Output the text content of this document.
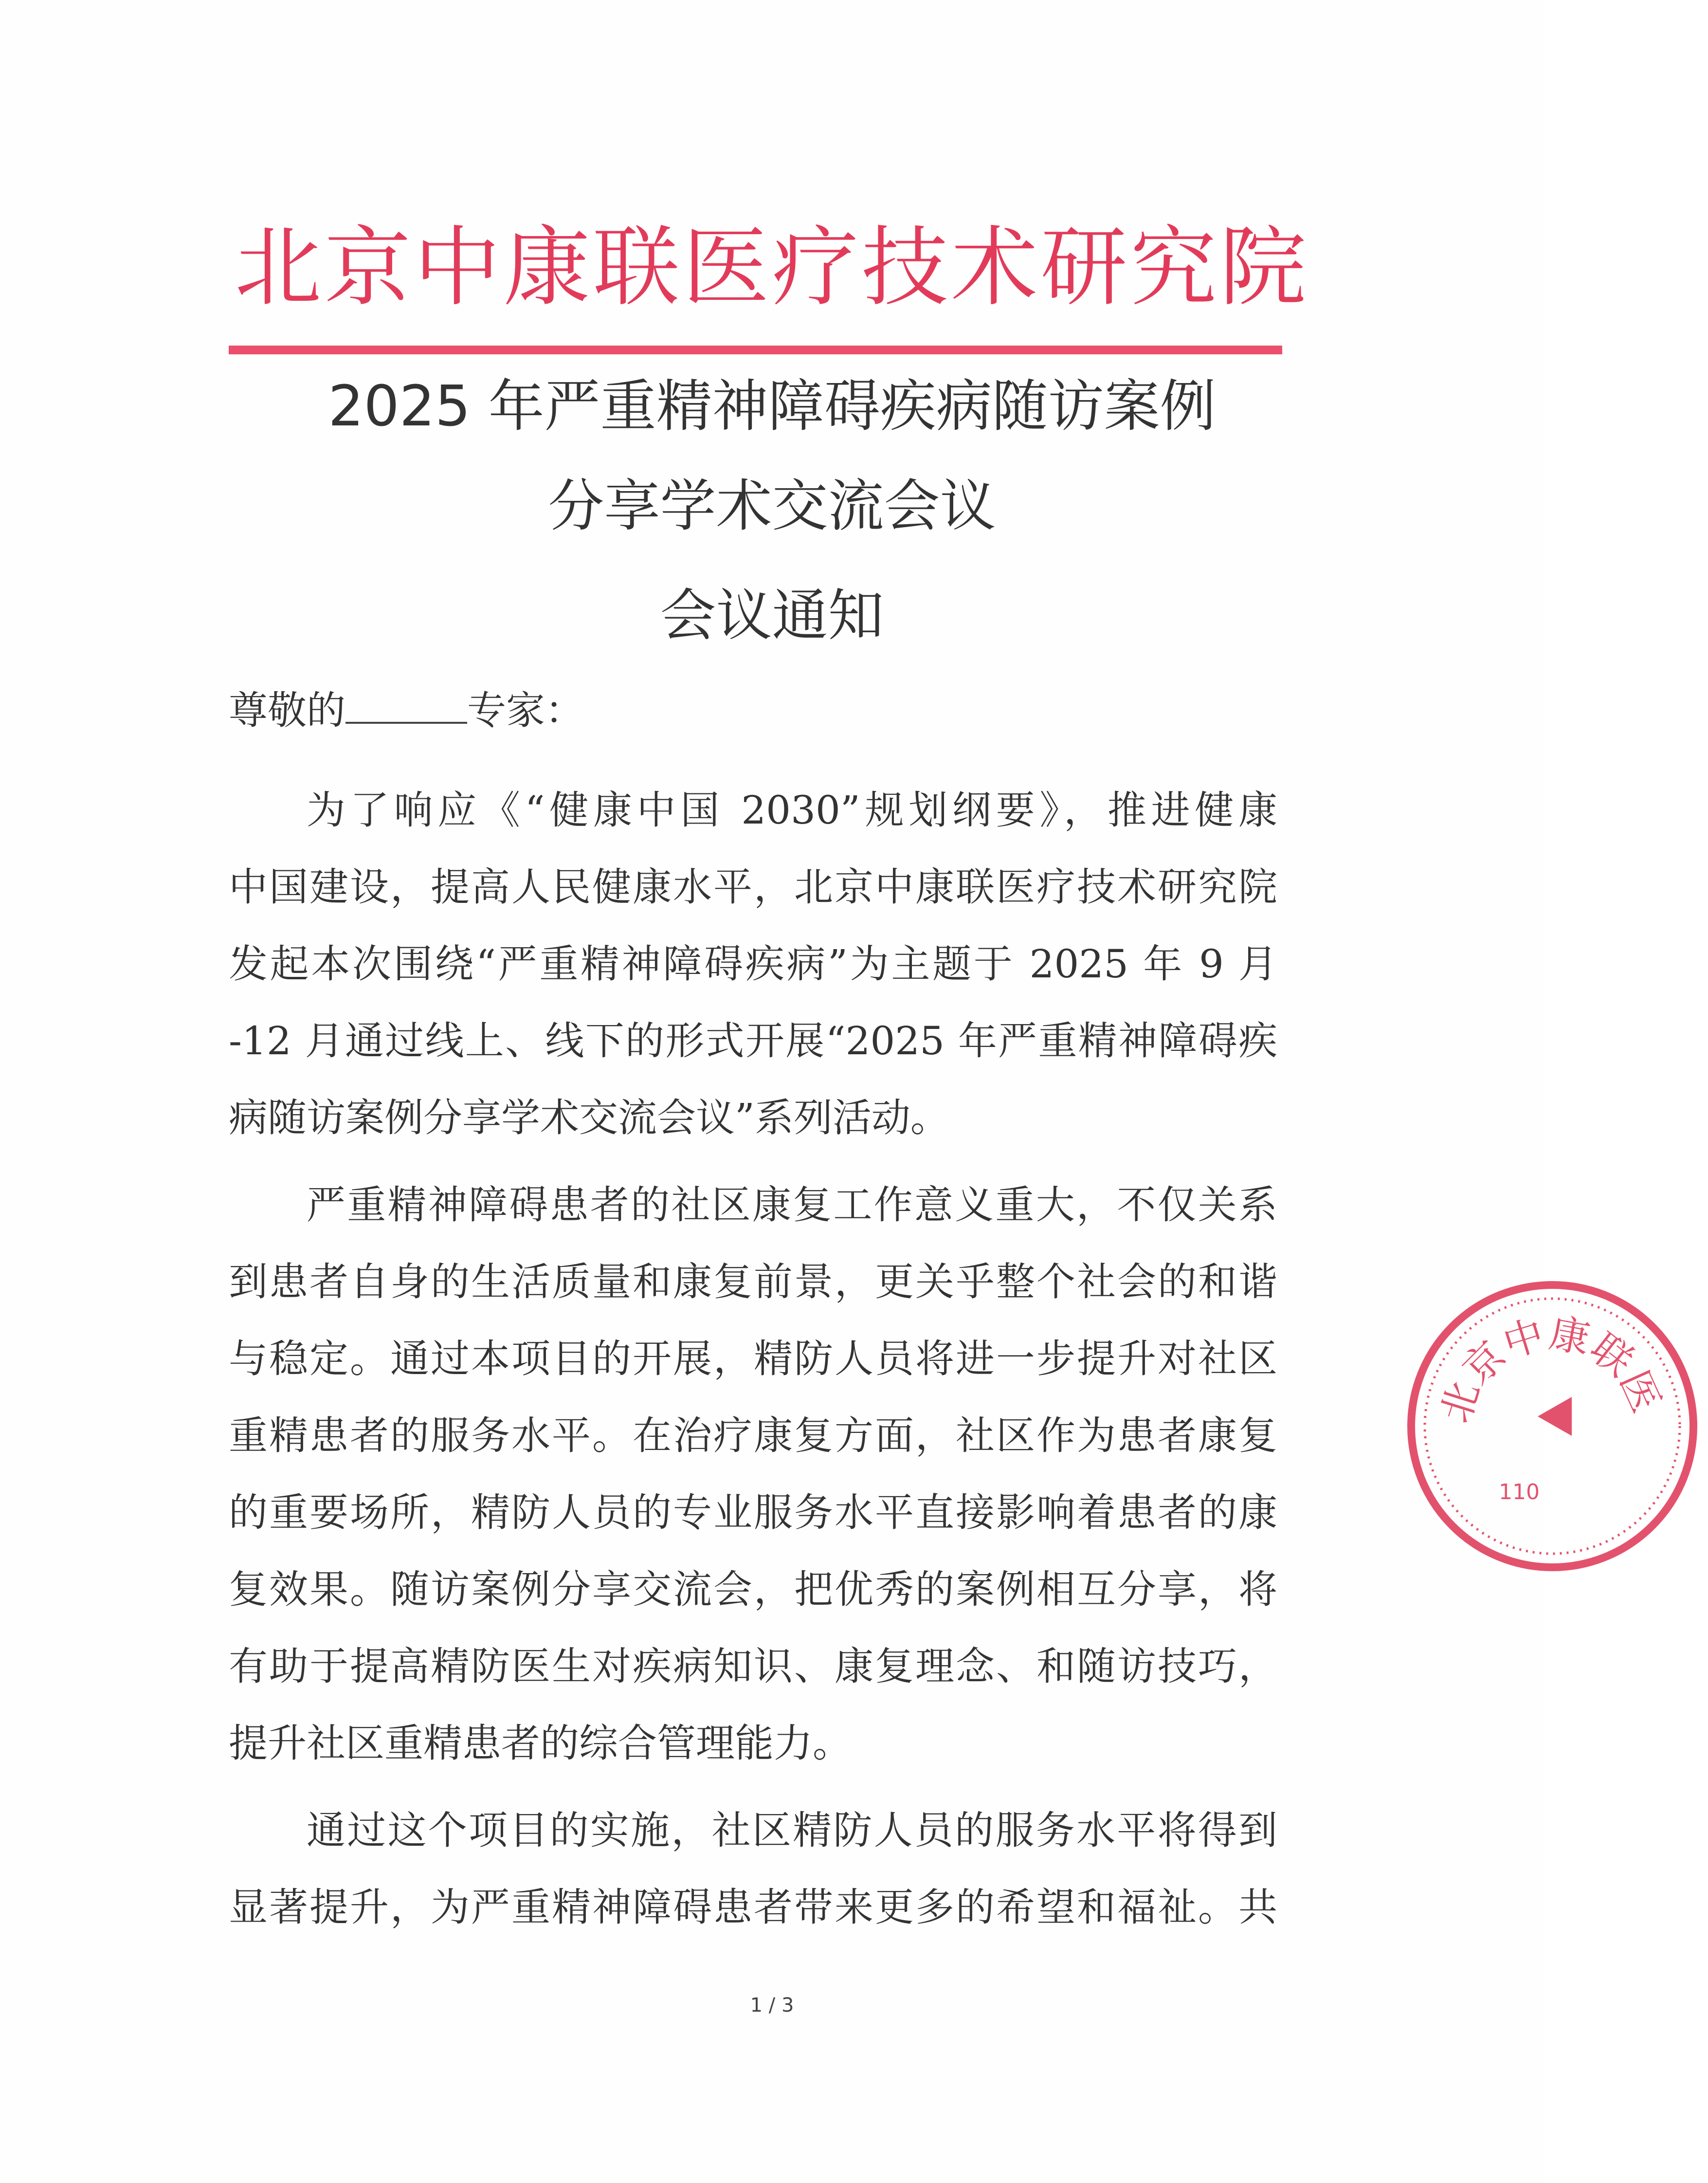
北京中康联医疗技术研究院
2025 年严重精神障碍疾病随访案例
分享学术交流会议
会议通知
尊敬的	专家：
为了响应《“健康中国 2030”规划纲要》，推进健康
中国建设，提高人民健康水平，北京中康联医疗技术研究院
发起本次围绕“严重精神障碍疾病”为主题于 2025 年 9 月
-12 月通过线上、线下的形式开展“2025 年严重精神障碍疾
病随访案例分享学术交流会议”系列活动。
严重精神障碍患者的社区康复工作意义重大，不仅关系
到患者自身的生活质量和康复前景，更关乎整个社会的和谐
与稳定。通过本项目的开展，精防人员将进一步提升对社区
重精患者的服务水平。在治疗康复方面，社区作为患者康复
的重要场所，精防人员的专业服务水平直接影响着患者的康
复效果。随访案例分享交流会，把优秀的案例相互分享，将
有助于提高精防医生对疾病知识、康复理念、和随访技巧，
提升社区重精患者的综合管理能力。
通过这个项目的实施，社区精防人员的服务水平将得到
显著提升，为严重精神障碍患者带来更多的希望和福祉。共
北京中康联医
110
1 / 3
